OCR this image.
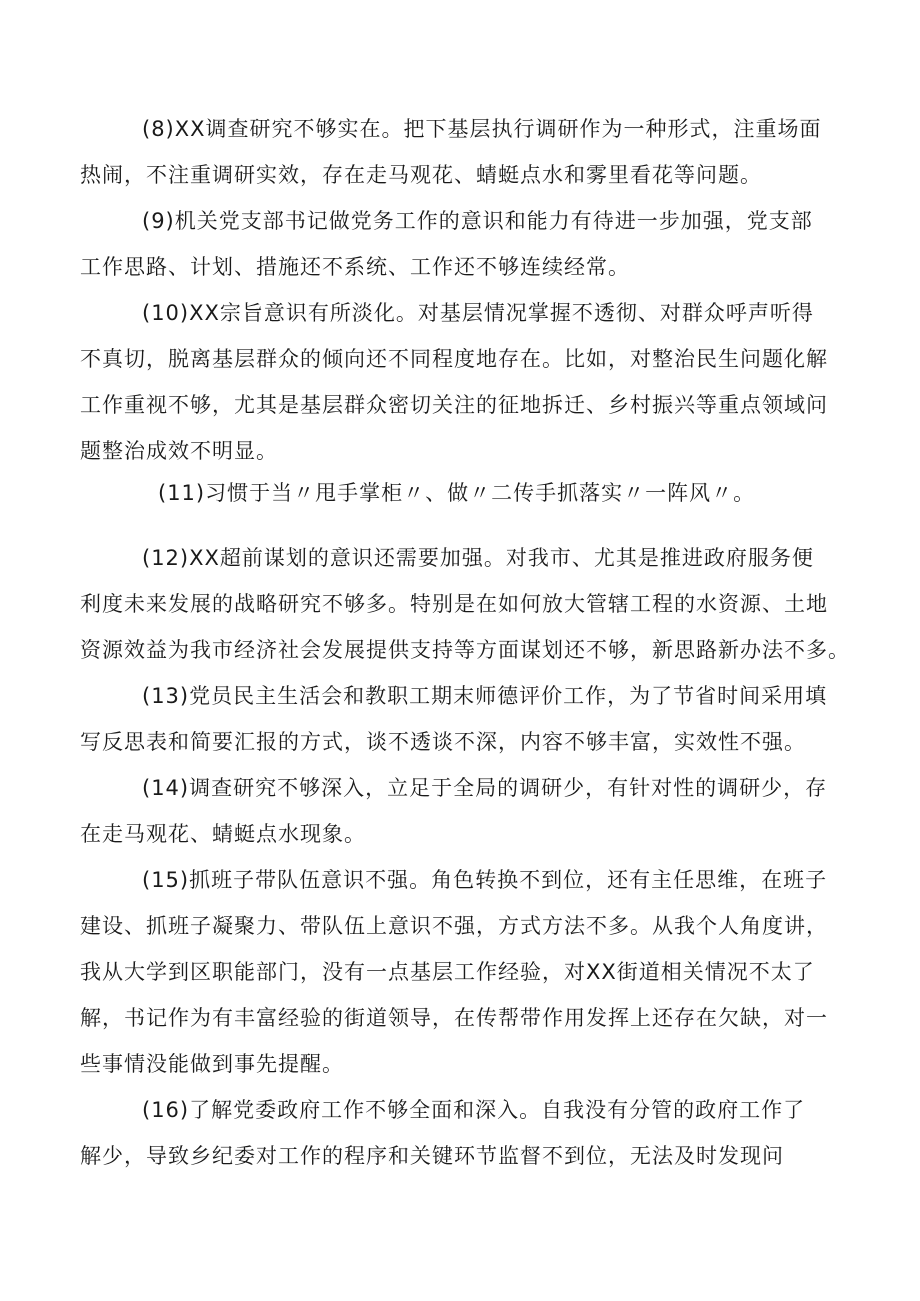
(8)XX调查研究不够实在。把下基层执行调研作为一种形式，注重场面
热闹，不注重调研实效，存在走马观花、蜻蜓点水和雾里看花等问题。
(9)机关党支部书记做党务工作的意识和能力有待进一步加强，党支部
工作思路、计划、措施还不系统、工作还不够连续经常。
(10)XX宗旨意识有所淡化。对基层情况掌握不透彻、对群众呼声听得
不真切，脱离基层群众的倾向还不同程度地存在。比如，对整治民生问题化解
工作重视不够，尤其是基层群众密切关注的征地拆迁、乡村振兴等重点领域问
题整治成效不明显。
(11)习惯于当〃甩手掌柜〃、做〃二传手抓落实〃一阵风〃。
(12)XX超前谋划的意识还需要加强。对我市、尤其是推进政府服务便
利度未来发展的战略研究不够多。特别是在如何放大管辖工程的水资源、土地
资源效益为我市经济社会发展提供支持等方面谋划还不够，新思路新办法不多。
(13)党员民主生活会和教职工期末师德评价工作，为了节省时间采用填
写反思表和简要汇报的方式，谈不透谈不深，内容不够丰富，实效性不强。
(14)调查研究不够深入，立足于全局的调研少，有针对性的调研少，存
在走马观花、蜻蜓点水现象。
(15)抓班子带队伍意识不强。角色转换不到位，还有主任思维，在班子
建设、抓班子凝聚力、带队伍上意识不强，方式方法不多。从我个人角度讲，
我从大学到区职能部门，没有一点基层工作经验，对XX街道相关情况不太了
解，书记作为有丰富经验的街道领导，在传帮带作用发挥上还存在欠缺，对一
些事情没能做到事先提醒。
(16)了解党委政府工作不够全面和深入。自我没有分管的政府工作了
解少，导致乡纪委对工作的程序和关键环节监督不到位，无法及时发现问
